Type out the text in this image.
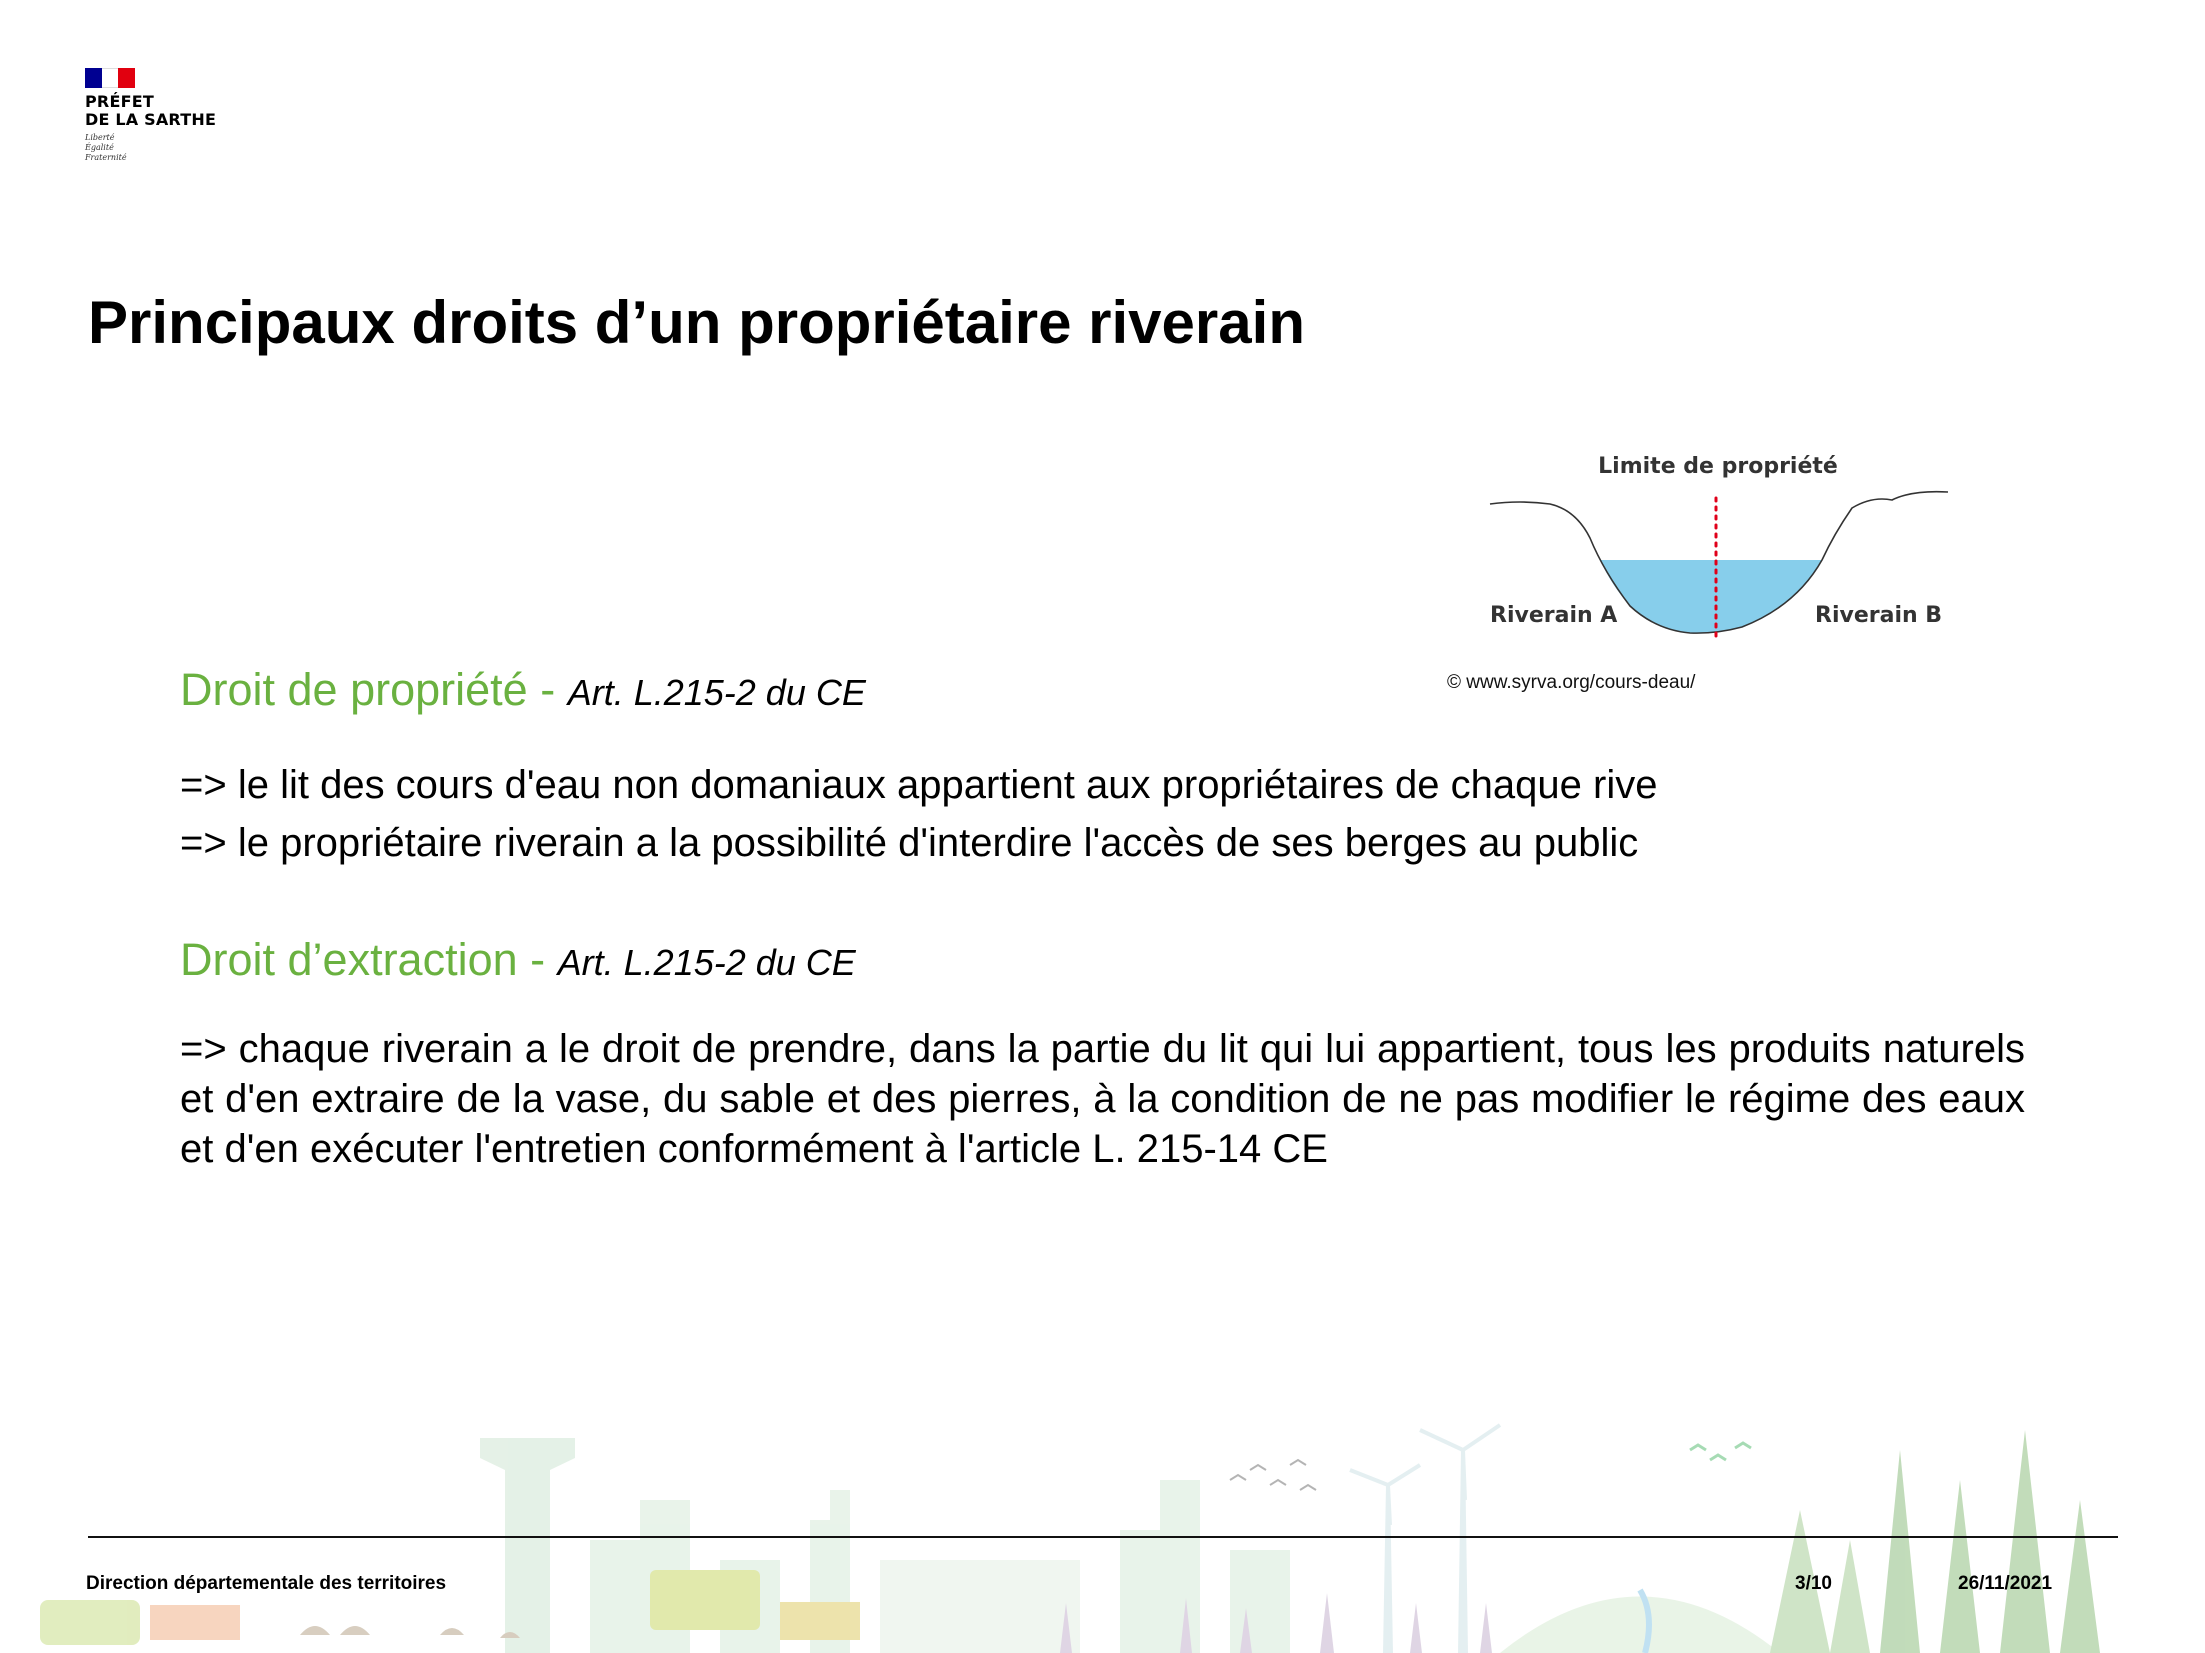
PRÉFET
DE LA SARTHE
Liberté
Égalité
Fraternité
Principaux droits d’un propriétaire riverain
Limite de propriété
Riverain A	Riverain B
© www.syrva.org/cours-deau/
Droit de propriété - Art. L.215-2 du CE
=> le lit des cours d'eau non domaniaux appartient aux propriétaires de chaque rive
=> le propriétaire riverain a la possibilité d'interdire l'accès de ses berges au public
Droit d’extraction - Art. L.215-2 du CE
=> chaque riverain a le droit de prendre, dans la partie du lit qui lui appartient, tous les produits naturels et d'en extraire de la vase, du sable et des pierres, à la condition de ne pas modifier le régime des eaux et d'en exécuter l'entretien conformément à l'article L. 215-14 CE
Direction départementale des territoires	3/10	26/11/2021
